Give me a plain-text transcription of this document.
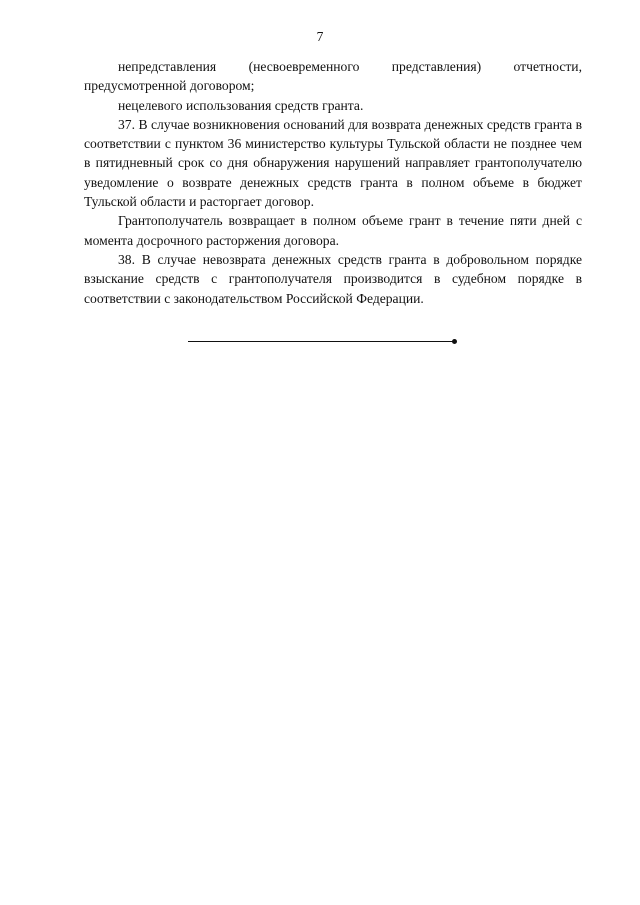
7

непредставления (несвоевременного представления) отчетности, предусмотренной договором;

нецелевого использования средств гранта.

37. В случае возникновения оснований для возврата денежных средств гранта в соответствии с пунктом 36 министерство культуры Тульской области не позднее чем в пятидневный срок со дня обнаружения нарушений направляет грантополучателю уведомление о возврате денежных средств гранта в полном объеме в бюджет Тульской области и расторгает договор.

Грантополучатель возвращает в полном объеме грант в течение пяти дней с момента досрочного расторжения договора.

38. В случае невозврата денежных средств гранта в добровольном порядке взыскание средств с грантополучателя производится в судебном порядке в соответствии с законодательством Российской Федерации.
